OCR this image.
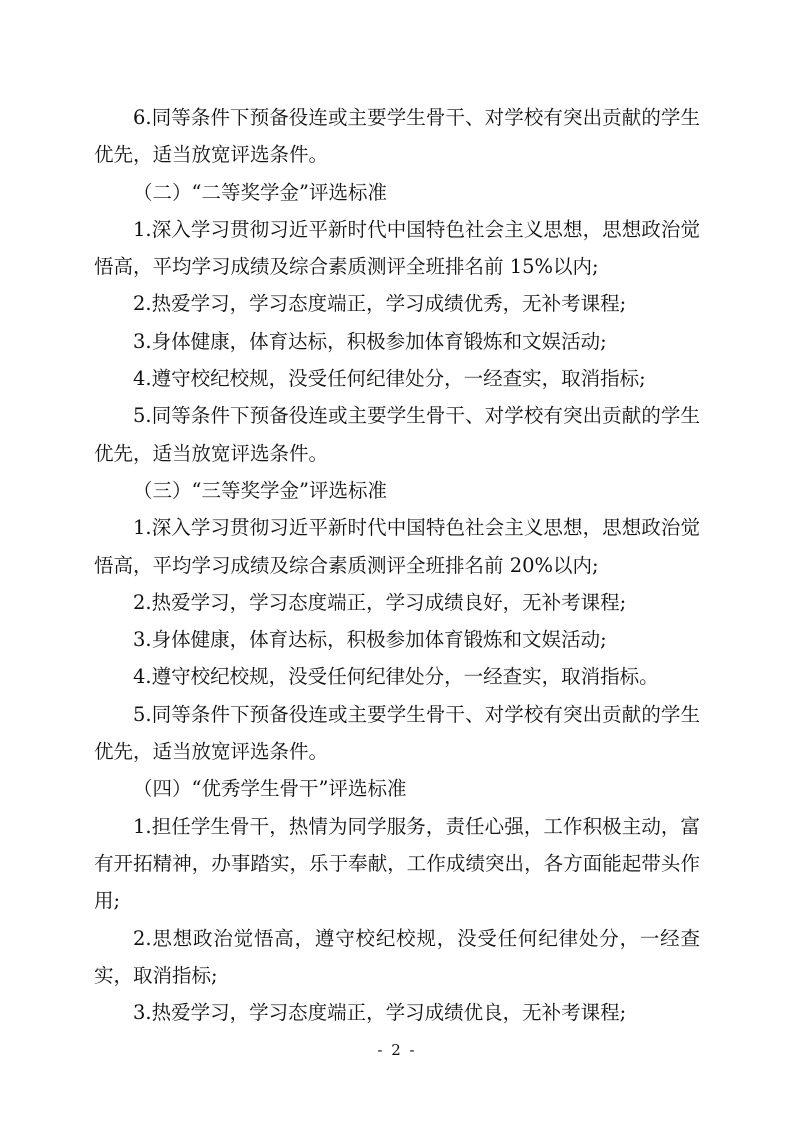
6.同等条件下预备役连或主要学生骨干、对学校有突出贡献的学生优先，适当放宽评选条件。

（二）“二等奖学金”评选标准

1.深入学习贯彻习近平新时代中国特色社会主义思想，思想政治觉悟高，平均学习成绩及综合素质测评全班排名前 15%以内;

2.热爱学习，学习态度端正，学习成绩优秀，无补考课程;

3.身体健康，体育达标，积极参加体育锻炼和文娱活动;

4.遵守校纪校规，没受任何纪律处分，一经查实，取消指标;

5.同等条件下预备役连或主要学生骨干、对学校有突出贡献的学生优先，适当放宽评选条件。

（三）“三等奖学金”评选标准

1.深入学习贯彻习近平新时代中国特色社会主义思想，思想政治觉悟高，平均学习成绩及综合素质测评全班排名前 20%以内;

2.热爱学习，学习态度端正，学习成绩良好，无补考课程;

3.身体健康，体育达标，积极参加体育锻炼和文娱活动;

4.遵守校纪校规，没受任何纪律处分，一经查实，取消指标。

5.同等条件下预备役连或主要学生骨干、对学校有突出贡献的学生优先，适当放宽评选条件。

（四）“优秀学生骨干”评选标准

1.担任学生骨干，热情为同学服务，责任心强，工作积极主动，富有开拓精神，办事踏实，乐于奉献，工作成绩突出，各方面能起带头作用;

2.思想政治觉悟高，遵守校纪校规，没受任何纪律处分，一经查实，取消指标;

3.热爱学习，学习态度端正，学习成绩优良，无补考课程;

- 2 -
